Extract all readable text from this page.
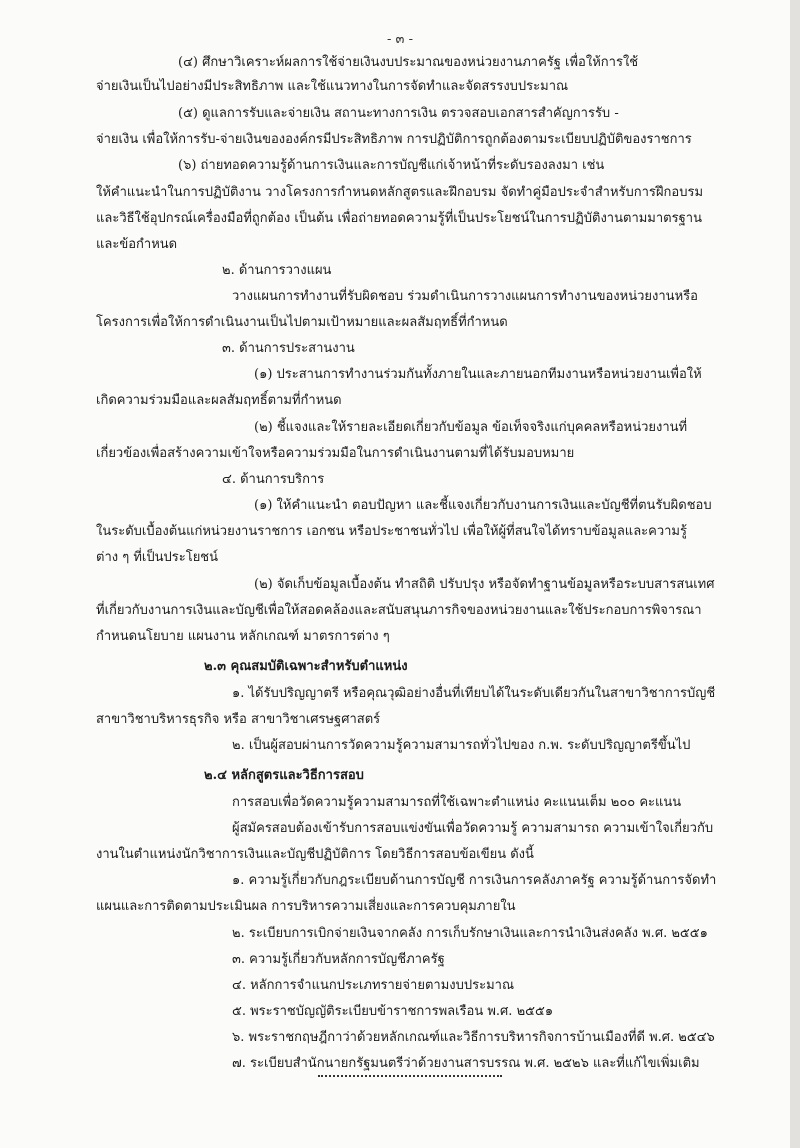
- ๓ -
(๔) ศึกษาวิเคราะห์ผลการใช้จ่ายเงินงบประมาณของหน่วยงานภาครัฐ เพื่อให้การใช้
จ่ายเงินเป็นไปอย่างมีประสิทธิภาพ และใช้แนวทางในการจัดทำและจัดสรรงบประมาณ
(๕) ดูแลการรับและจ่ายเงิน สถานะทางการเงิน ตรวจสอบเอกสารสำคัญการรับ -
จ่ายเงิน เพื่อให้การรับ-จ่ายเงินขององค์กรมีประสิทธิภาพ การปฏิบัติการถูกต้องตามระเบียบปฏิบัติของราชการ
(๖) ถ่ายทอดความรู้ด้านการเงินและการบัญชีแก่เจ้าหน้าที่ระดับรองลงมา เช่น
ให้คำแนะนำในการปฏิบัติงาน วางโครงการกำหนดหลักสูตรและฝึกอบรม จัดทำคู่มือประจำสำหรับการฝึกอบรม
และวิธีใช้อุปกรณ์เครื่องมือที่ถูกต้อง เป็นต้น เพื่อถ่ายทอดความรู้ที่เป็นประโยชน์ในการปฏิบัติงานตามมาตรฐาน
และข้อกำหนด
๒. ด้านการวางแผน
วางแผนการทำงานที่รับผิดชอบ ร่วมดำเนินการวางแผนการทำงานของหน่วยงานหรือ
โครงการเพื่อให้การดำเนินงานเป็นไปตามเป้าหมายและผลสัมฤทธิ์ที่กำหนด
๓. ด้านการประสานงาน
(๑) ประสานการทำงานร่วมกันทั้งภายในและภายนอกทีมงานหรือหน่วยงานเพื่อให้
เกิดความร่วมมือและผลสัมฤทธิ์ตามที่กำหนด
(๒) ชี้แจงและให้รายละเอียดเกี่ยวกับข้อมูล ข้อเท็จจริงแก่บุคคลหรือหน่วยงานที่
เกี่ยวข้องเพื่อสร้างความเข้าใจหรือความร่วมมือในการดำเนินงานตามที่ได้รับมอบหมาย
๔. ด้านการบริการ
(๑) ให้คำแนะนำ ตอบปัญหา และชี้แจงเกี่ยวกับงานการเงินและบัญชีที่ตนรับผิดชอบ
ในระดับเบื้องต้นแก่หน่วยงานราชการ เอกชน หรือประชาชนทั่วไป เพื่อให้ผู้ที่สนใจได้ทราบข้อมูลและความรู้
ต่าง ๆ ที่เป็นประโยชน์
(๒) จัดเก็บข้อมูลเบื้องต้น ทำสถิติ ปรับปรุง หรือจัดทำฐานข้อมูลหรือระบบสารสนเทศ
ที่เกี่ยวกับงานการเงินและบัญชีเพื่อให้สอดคล้องและสนับสนุนภารกิจของหน่วยงานและใช้ประกอบการพิจารณา
กำหนดนโยบาย แผนงาน หลักเกณฑ์ มาตรการต่าง ๆ
๒.๓ คุณสมบัติเฉพาะสำหรับตำแหน่ง
๑. ได้รับปริญญาตรี หรือคุณวุฒิอย่างอื่นที่เทียบได้ในระดับเดียวกันในสาขาวิชาการบัญชี
สาขาวิชาบริหารธุรกิจ หรือ สาขาวิชาเศรษฐศาสตร์
๒. เป็นผู้สอบผ่านการวัดความรู้ความสามารถทั่วไปของ ก.พ. ระดับปริญญาตรีขึ้นไป
๒.๔ หลักสูตรและวิธีการสอบ
การสอบเพื่อวัดความรู้ความสามารถที่ใช้เฉพาะตำแหน่ง คะแนนเต็ม ๒๐๐ คะแนน
ผู้สมัครสอบต้องเข้ารับการสอบแข่งขันเพื่อวัดความรู้ ความสามารถ ความเข้าใจเกี่ยวกับ
งานในตำแหน่งนักวิชาการเงินและบัญชีปฏิบัติการ โดยวิธีการสอบข้อเขียน ดังนี้
๑. ความรู้เกี่ยวกับกฎระเบียบด้านการบัญชี การเงินการคลังภาครัฐ ความรู้ด้านการจัดทำ
แผนและการติดตามประเมินผล การบริหารความเสี่ยงและการควบคุมภายใน
๒. ระเบียบการเบิกจ่ายเงินจากคลัง การเก็บรักษาเงินและการนำเงินส่งคลัง พ.ศ. ๒๕๕๑
๓. ความรู้เกี่ยวกับหลักการบัญชีภาครัฐ
๔. หลักการจำแนกประเภทรายจ่ายตามงบประมาณ
๕. พระราชบัญญัติระเบียบข้าราชการพลเรือน พ.ศ. ๒๕๕๑
๖. พระราชกฤษฎีกาว่าด้วยหลักเกณฑ์และวิธีการบริหารกิจการบ้านเมืองที่ดี พ.ศ. ๒๕๔๖
๗. ระเบียบสำนักนายกรัฐมนตรีว่าด้วยงานสารบรรณ พ.ศ. ๒๕๒๖ และที่แก้ไขเพิ่มเติม
